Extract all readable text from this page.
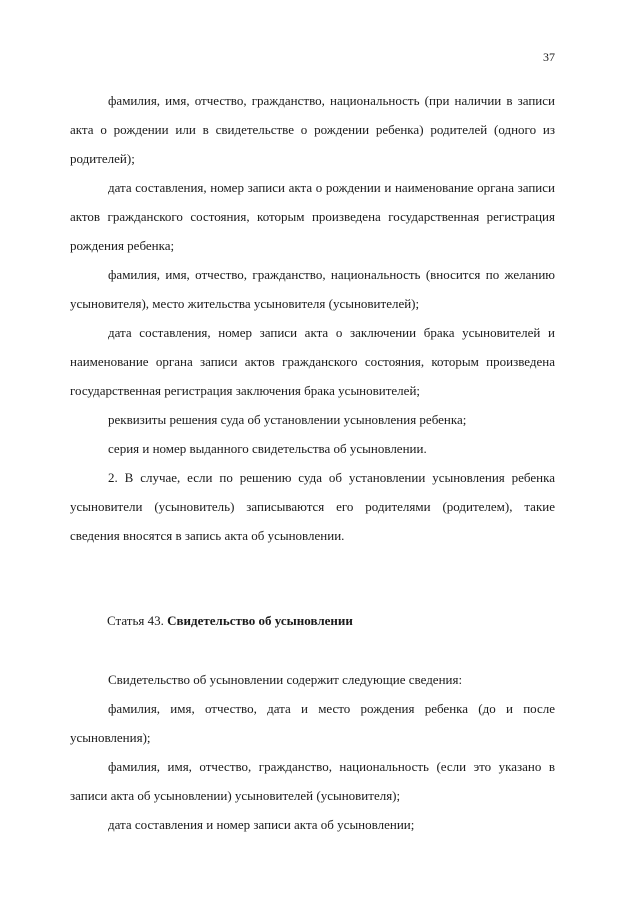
37

фамилия, имя, отчество, гражданство, национальность (при наличии в записи акта о рождении или в свидетельстве о рождении ребенка) родителей (одного из родителей);

дата составления, номер записи акта о рождении и наименование органа записи актов гражданского состояния, которым произведена государственная регистрация рождения ребенка;

фамилия, имя, отчество, гражданство, национальность (вносится по желанию усыновителя), место жительства усыновителя (усыновителей);

дата составления, номер записи акта о заключении брака усыновителей и наименование органа записи актов гражданского состояния, которым произведена государственная регистрация заключения брака усыновителей;

реквизиты решения суда об установлении усыновления ребенка;

серия и номер выданного свидетельства об усыновлении.

2. В случае, если по решению суда об установлении усыновления ребенка усыновители (усыновитель) записываются его родителями (родителем), такие сведения вносятся в запись акта об усыновлении.

Статья 43. Свидетельство об усыновлении

Свидетельство об усыновлении содержит следующие сведения:

фамилия, имя, отчество, дата и место рождения ребенка (до и после усыновления);

фамилия, имя, отчество, гражданство, национальность (если это указано в записи акта об усыновлении) усыновителей (усыновителя);

дата составления и номер записи акта об усыновлении;
